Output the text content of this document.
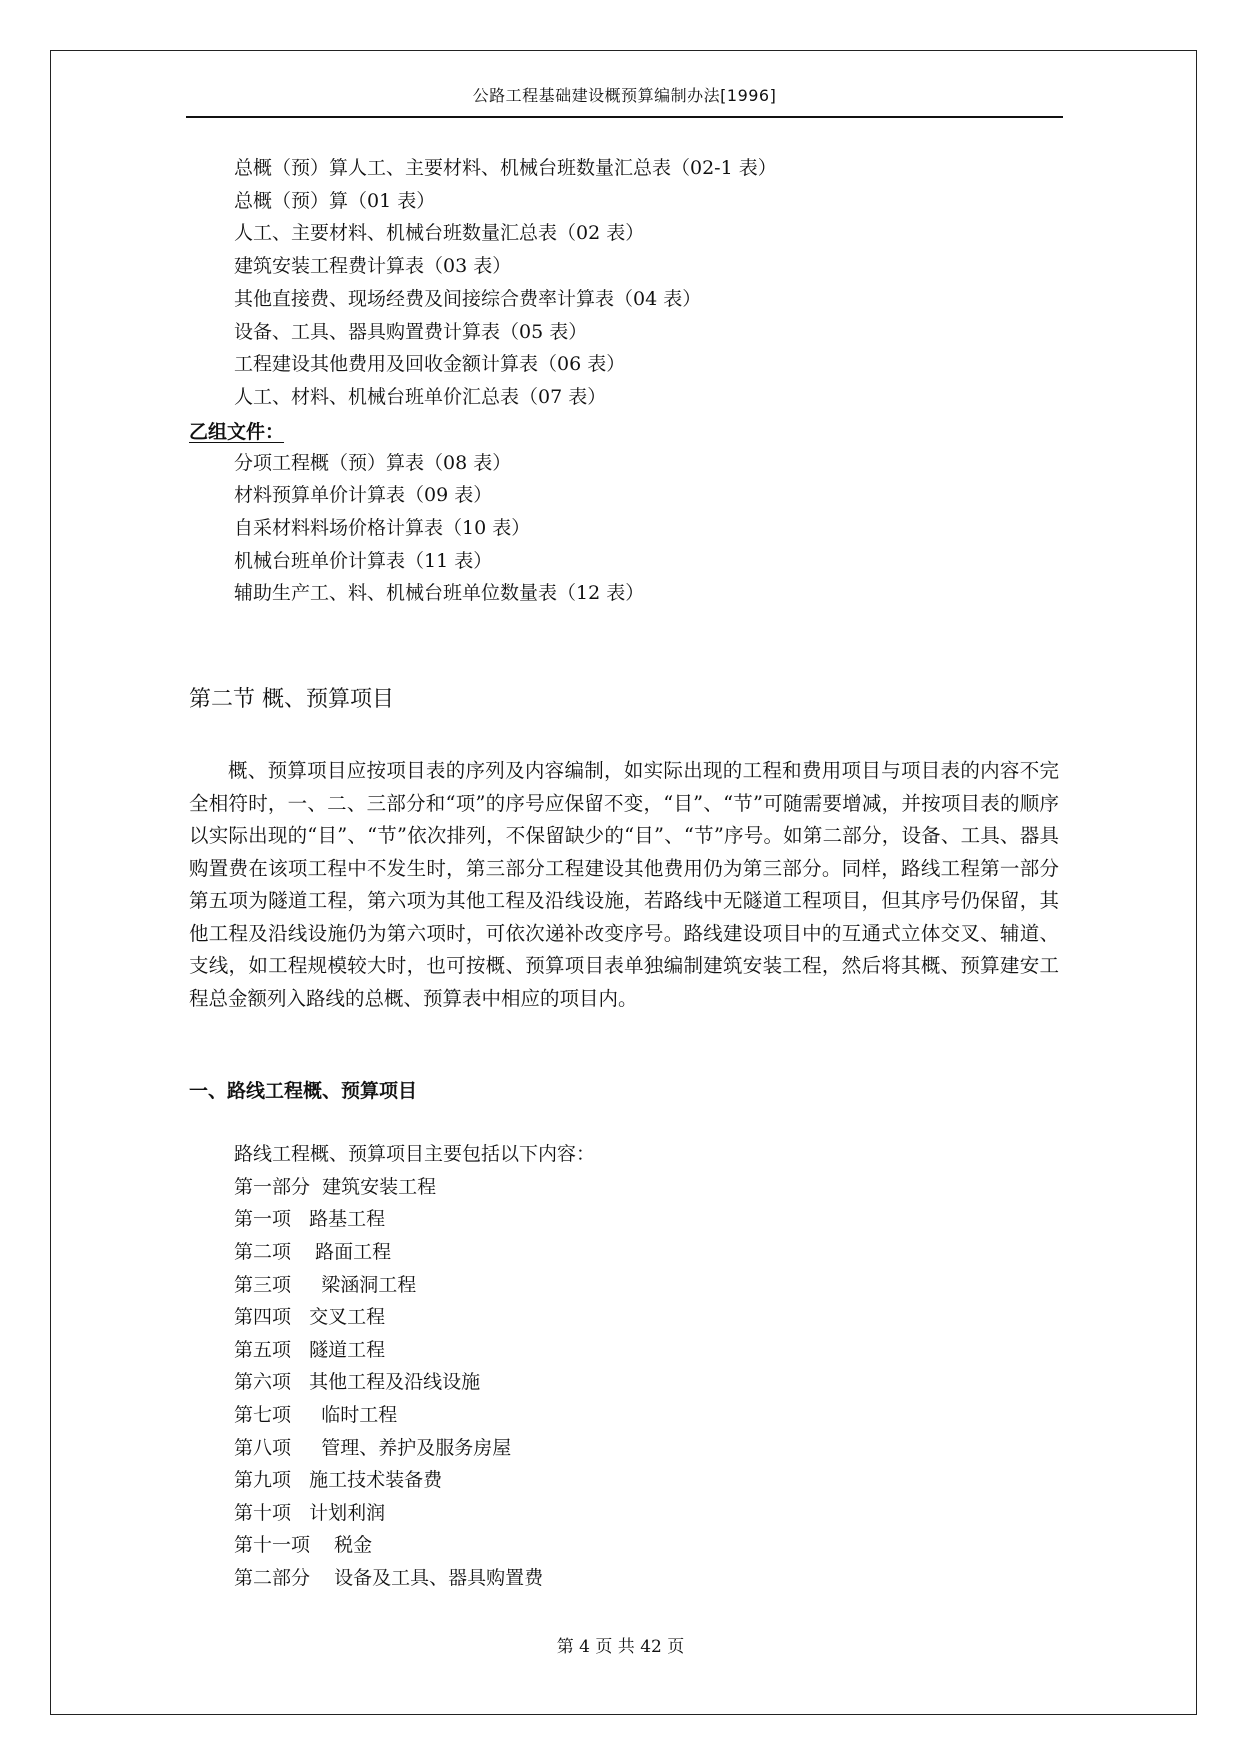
公路工程基础建设概预算编制办法[1996]
总概（预）算人工、主要材料、机械台班数量汇总表（02-1 表）
总概（预）算（01 表）
人工、主要材料、机械台班数量汇总表（02 表）
建筑安装工程费计算表（03 表）
其他直接费、现场经费及间接综合费率计算表（04 表）
设备、工具、器具购置费计算表（05 表）
工程建设其他费用及回收金额计算表（06 表）
人工、材料、机械台班单价汇总表（07 表）
乙组文件：
分项工程概（预）算表（08 表）
材料预算单价计算表（09 表）
自采材料料场价格计算表（10 表）
机械台班单价计算表（11 表）
辅助生产工、料、机械台班单位数量表（12 表）
第二节 概、预算项目
概、预算项目应按项目表的序列及内容编制，如实际出现的工程和费用项目与项目表的内容不完全相符时，一、二、三部分和“项”的序号应保留不变，“目”、“节”可随需要增减，并按项目表的顺序以实际出现的“目”、“节”依次排列，不保留缺少的“目”、“节”序号。如第二部分，设备、工具、器具购置费在该项工程中不发生时，第三部分工程建设其他费用仍为第三部分。同样，路线工程第一部分第五项为隧道工程，第六项为其他工程及沿线设施，若路线中无隧道工程项目，但其序号仍保留，其他工程及沿线设施仍为第六项时，可依次递补改变序号。路线建设项目中的互通式立体交叉、辅道、支线，如工程规模较大时，也可按概、预算项目表单独编制建筑安装工程，然后将其概、预算建安工程总金额列入路线的总概、预算表中相应的项目内。
一、路线工程概、预算项目
路线工程概、预算项目主要包括以下内容：
第一部分  建筑安装工程
第一项   路基工程
第二项    路面工程
第三项     梁涵洞工程
第四项   交叉工程
第五项   隧道工程
第六项   其他工程及沿线设施
第七项     临时工程
第八项     管理、养护及服务房屋
第九项   施工技术装备费
第十项   计划利润
第十一项    税金
第二部分    设备及工具、器具购置费
第 4 页 共 42 页
